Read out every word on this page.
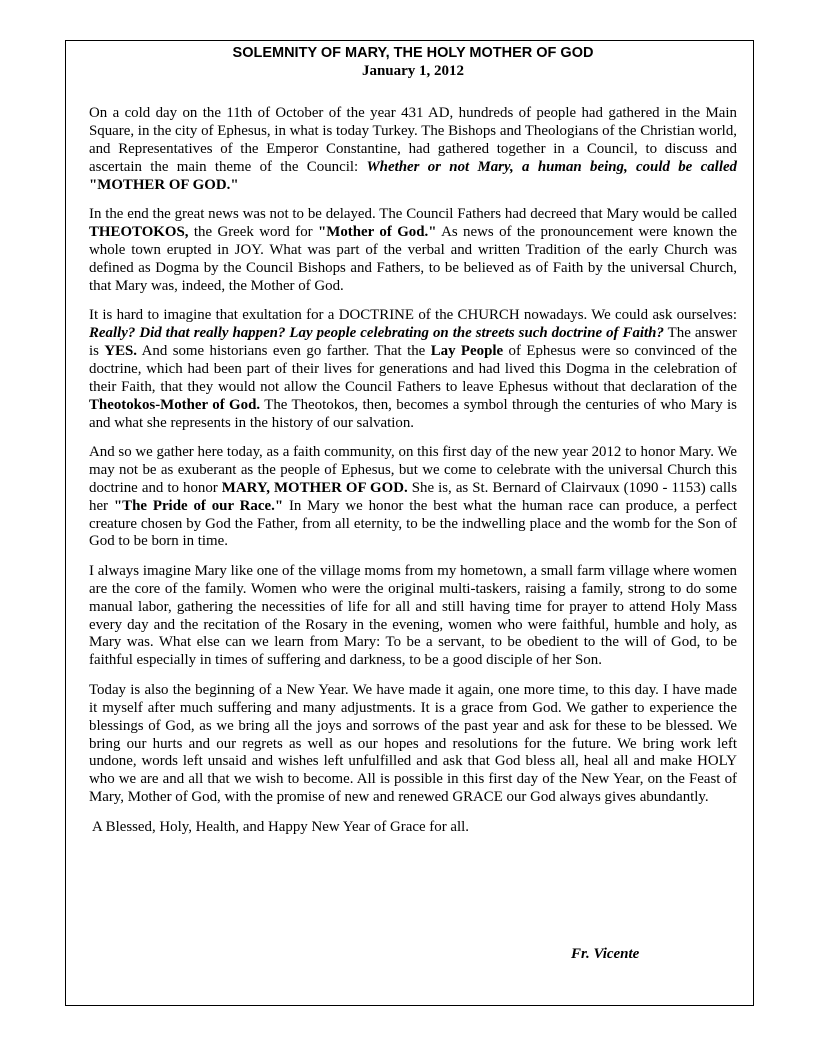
SOLEMNITY OF MARY, THE HOLY MOTHER OF GOD
January 1, 2012

On a cold day on the 11th of October of the year 431 AD, hundreds of people had gathered in the Main Square, in the city of Ephesus, in what is today Turkey. The Bishops and Theologians of the Christian world, and Representatives of the Emperor Constantine, had gathered together in a Council, to discuss and ascertain the main theme of the Council: Whether or not Mary, a human being, could be called "MOTHER OF GOD."

In the end the great news was not to be delayed. The Council Fathers had decreed that Mary would be called THEOTOKOS, the Greek word for "Mother of God." As news of the pronouncement were known the whole town erupted in JOY. What was part of the verbal and written Tradition of the early Church was defined as Dogma by the Council Bishops and Fathers, to be believed as of Faith by the universal Church, that Mary was, indeed, the Mother of God.

It is hard to imagine that exultation for a DOCTRINE of the CHURCH nowadays. We could ask ourselves: Really? Did that really happen? Lay people celebrating on the streets such doctrine of Faith? The answer is YES. And some historians even go farther. That the Lay People of Ephesus were so convinced of the doctrine, which had been part of their lives for generations and had lived this Dogma in the celebration of their Faith, that they would not allow the Council Fathers to leave Ephesus without that declaration of the Theotokos-Mother of God. The Theotokos, then, becomes a symbol through the centuries of who Mary is and what she represents in the history of our salvation.

And so we gather here today, as a faith community, on this first day of the new year 2012 to honor Mary. We may not be as exuberant as the people of Ephesus, but we come to celebrate with the universal Church this doctrine and to honor MARY, MOTHER OF GOD. She is, as St. Bernard of Clairvaux (1090 - 1153) calls her "The Pride of our Race." In Mary we honor the best what the human race can produce, a perfect creature chosen by God the Father, from all eternity, to be the indwelling place and the womb for the Son of God to be born in time.

I always imagine Mary like one of the village moms from my hometown, a small farm village where women are the core of the family. Women who were the original multi-taskers, raising a family, strong to do some manual labor, gathering the necessities of life for all and still having time for prayer to attend Holy Mass every day and the recitation of the Rosary in the evening, women who were faithful, humble and holy, as Mary was. What else can we learn from Mary: To be a servant, to be obedient to the will of God, to be faithful especially in times of suffering and darkness, to be a good disciple of her Son.

Today is also the beginning of a New Year. We have made it again, one more time, to this day. I have made it myself after much suffering and many adjustments. It is a grace from God. We gather to experience the blessings of God, as we bring all the joys and sorrows of the past year and ask for these to be blessed. We bring our hurts and our regrets as well as our hopes and resolutions for the future. We bring work left undone, words left unsaid and wishes left unfulfilled and ask that God bless all, heal all and make HOLY who we are and all that we wish to become. All is possible in this first day of the New Year, on the Feast of Mary, Mother of God, with the promise of new and renewed GRACE our God always gives abundantly.

A Blessed, Holy, Health, and Happy New Year of Grace for all.

Fr. Vicente
